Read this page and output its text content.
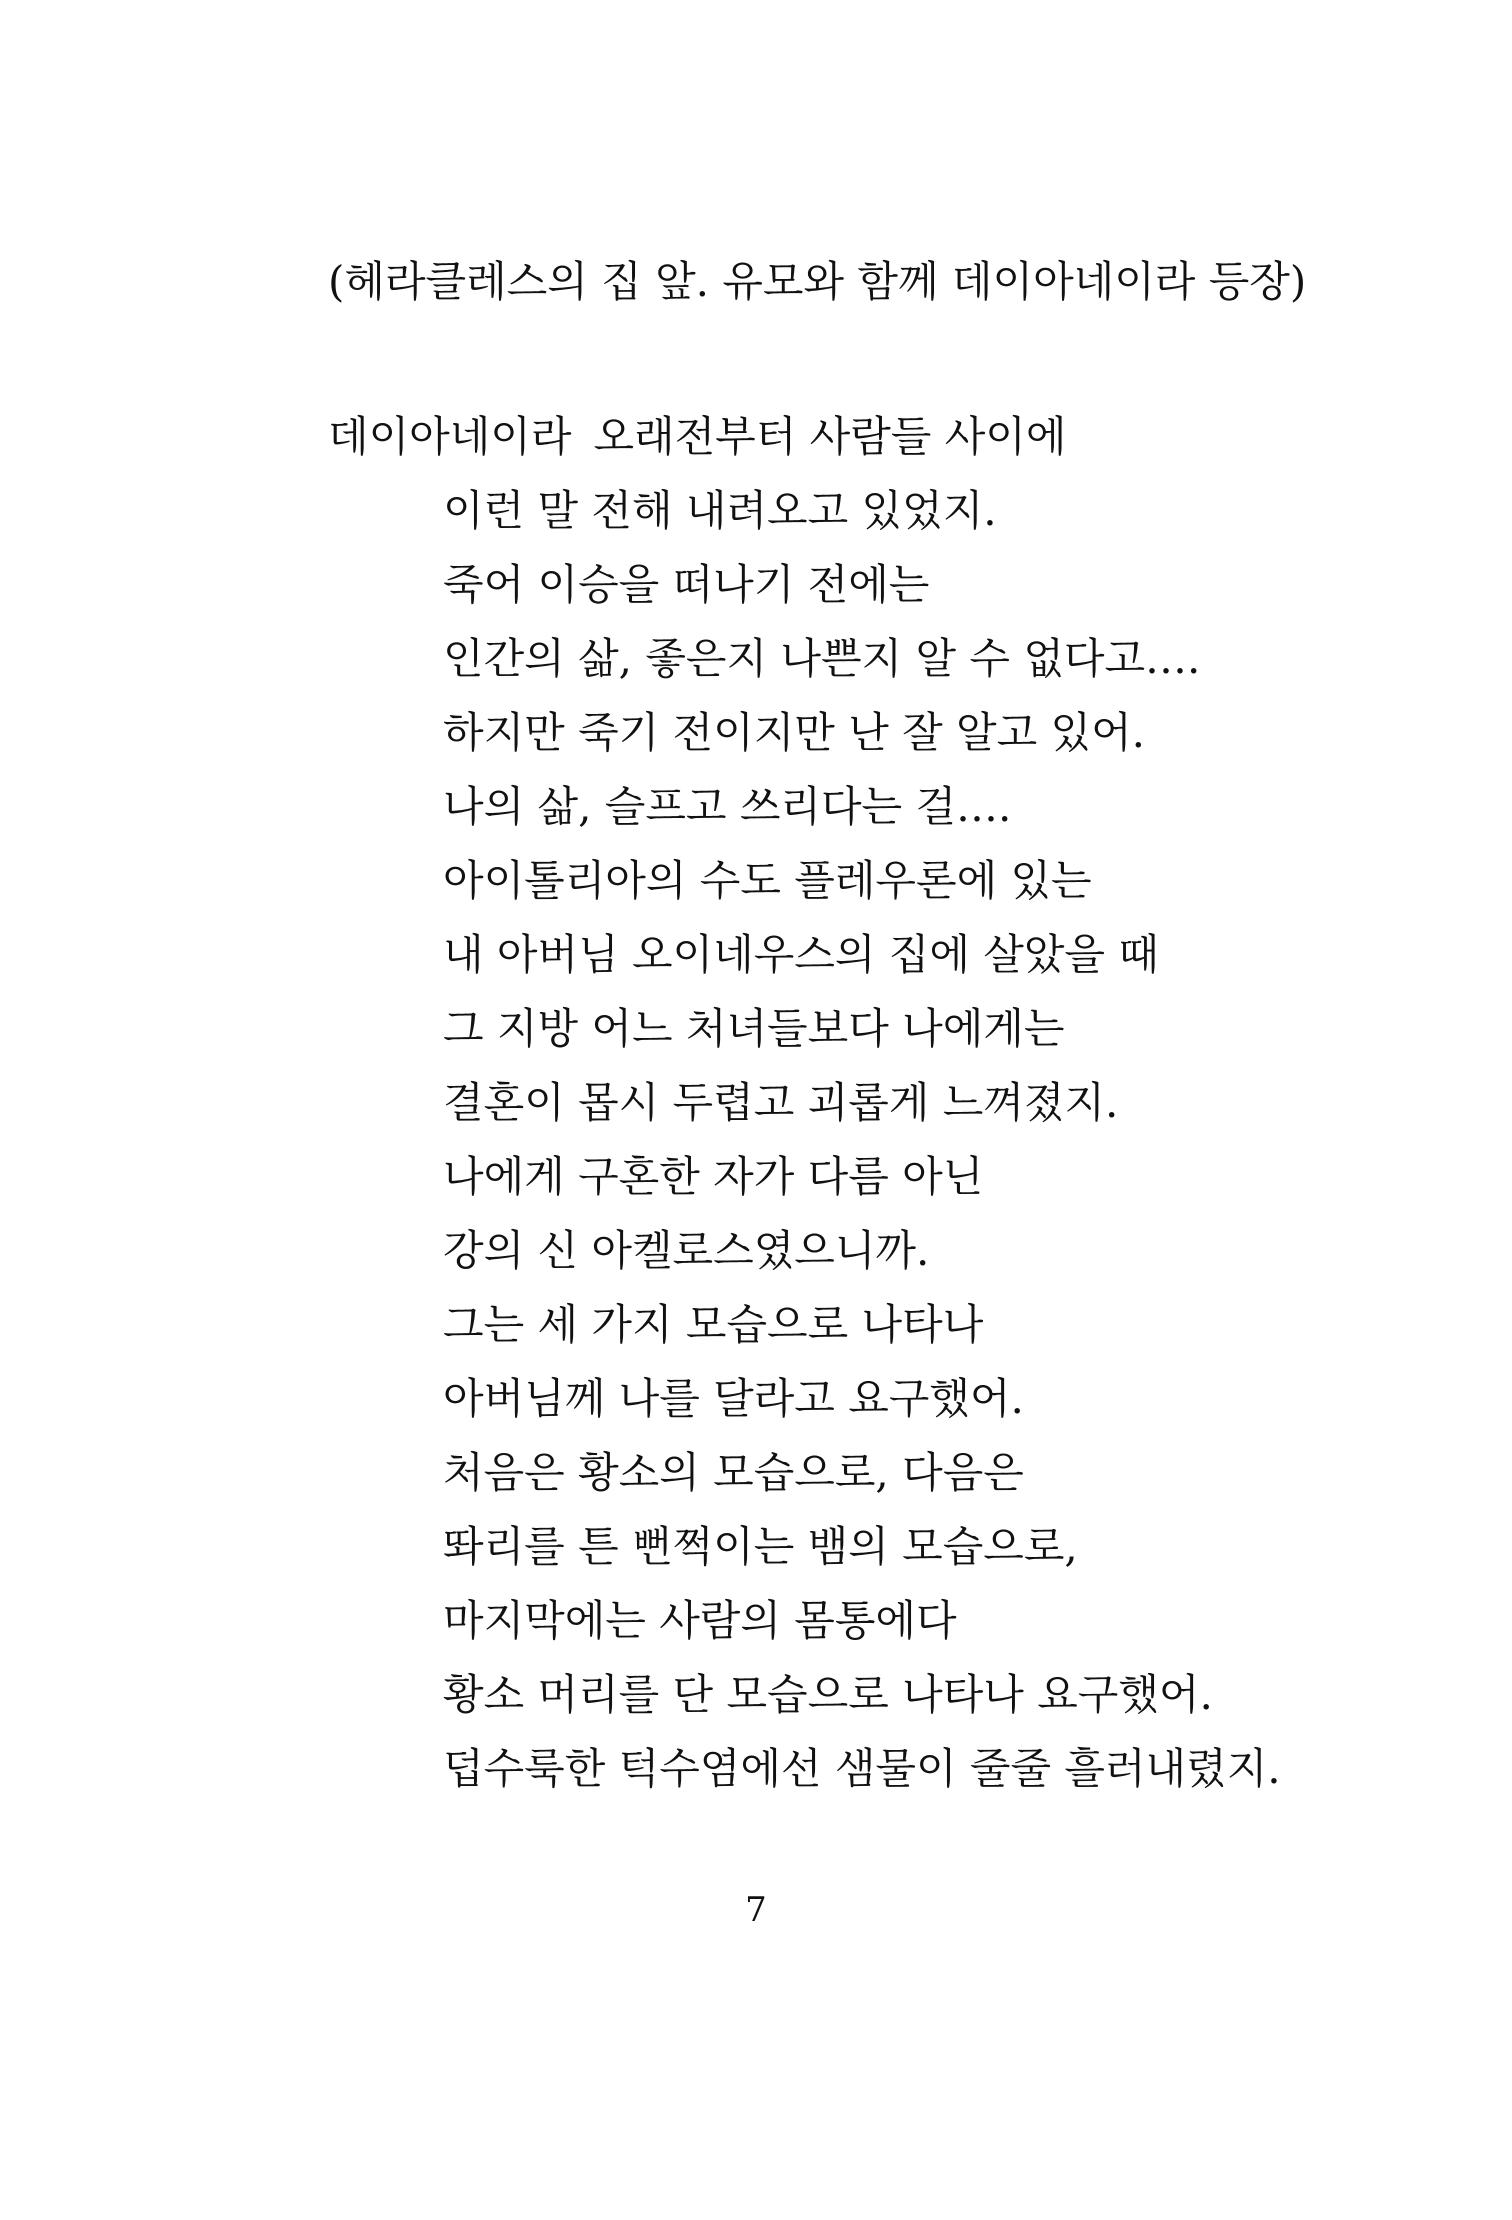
(헤라클레스의 집 앞. 유모와 함께 데이아네이라 등장)
데이아네이라 오래전부터 사람들 사이에
이런 말 전해 내려오고 있었지.
죽어 이승을 떠나기 전에는
인간의 삶, 좋은지 나쁜지 알 수 없다고….
하지만 죽기 전이지만 난 잘 알고 있어.
나의 삶, 슬프고 쓰리다는 걸….
아이톨리아의 수도 플레우론에 있는
내 아버님 오이네우스의 집에 살았을 때
그 지방 어느 처녀들보다 나에게는
결혼이 몹시 두렵고 괴롭게 느껴졌지.
나에게 구혼한 자가 다름 아닌
강의 신 아켈로스였으니까.
그는 세 가지 모습으로 나타나
아버님께 나를 달라고 요구했어.
처음은 황소의 모습으로, 다음은
똬리를 튼 뻔쩍이는 뱀의 모습으로,
마지막에는 사람의 몸통에다
황소 머리를 단 모습으로 나타나 요구했어.
덥수룩한 턱수염에선 샘물이 줄줄 흘러내렸지.
7
